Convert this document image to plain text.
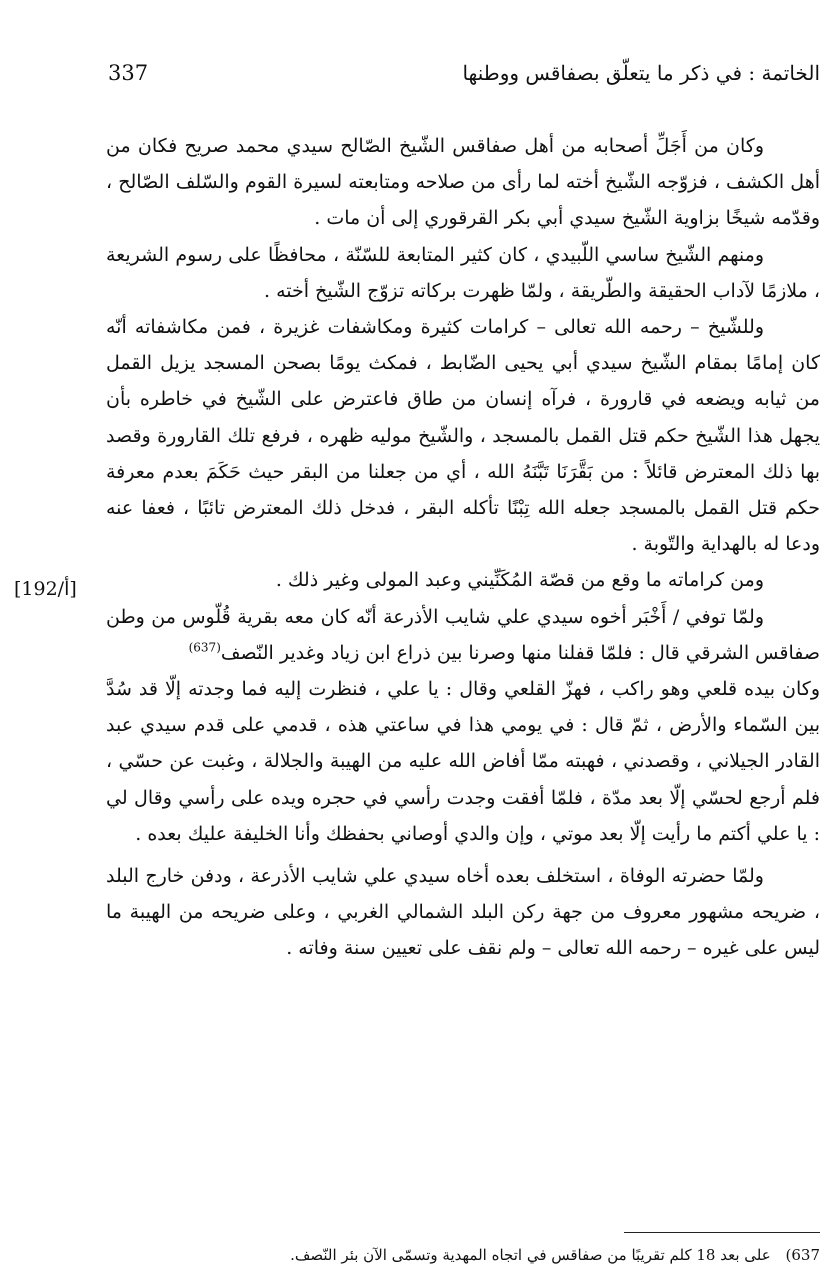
الخاتمة : في ذكر ما يتعلّق بصفاقس ووطنها
337
[192/أ]

وكان من أَجَلِّ أصحابه من أهل صفاقس الشّيخ الصّالح سيدي محمد صريح فكان من أهل الكشف ، فزوّجه الشّيخ أخته لما رأى من صلاحه ومتابعته لسيرة القوم والسّلف الصّالح ، وقدّمه شيخًا بزاوية الشّيخ سيدي أبي بكر القرقوري إلى أن مات .

ومنهم الشّيخ ساسي اللّبيدي ، كان كثير المتابعة للسّنّة ، محافظًا على رسوم الشريعة ، ملازمًا لآداب الحقيقة والطّريقة ، ولمّا ظهرت بركاته تزوّج الشّيخ أخته .

وللشّيخ – رحمه الله تعالى – كرامات كثيرة ومكاشفات غزيرة ، فمن مكاشفاته أنّه كان إمامًا بمقام الشّيخ سيدي أبي يحيى الضّابط ، فمكث يومًا بصحن المسجد يزيل القمل من ثيابه ويضعه في قارورة ، فرآه إنسان من طاق فاعترض على الشّيخ في خاطره بأن يجهل هذا الشّيخ حكم قتل القمل بالمسجد ، والشّيخ موليه ظهره ، فرفع تلك القارورة وقصد بها ذلك المعترض قائلاً : من بَقَّرَنَا تَبَّنَهُ الله ، أي من جعلنا من البقر حيث حَكَمَ بعدم معرفة حكم قتل القمل بالمسجد جعله الله تِبْنًا تأكله البقر ، فدخل ذلك المعترض تائبًا ، فعفا عنه ودعا له بالهداية والتّوبة .

ومن كراماته ما وقع من قصّة المُكَنِّيني وعبد المولى وغير ذلك .

ولمّا توفي / أَخْبَر أخوه سيدي علي شايب الأذرعة أنّه كان معه بقرية قُلّوس من وطن صفاقس الشرقي قال : فلمّا قفلنا منها وصرنا بين ذراع ابن زياد وغدير النّصف$^{(637)}$

وكان بيده قلعي وهو راكب ، فهزّ القلعي وقال : يا علي ، فنظرت إليه فما وجدته إلّا قد سُدَّ بين السّماء والأرض ، ثمّ قال : في يومي هذا في ساعتي هذه ، قدمي على قدم سيدي عبد القادر الجيلاني ، وقصدني ، فهبته ممّا أفاض الله عليه من الهيبة والجلالة ، وغبت عن حسّي ، فلم أرجع لحسّي إلّا بعد مدّة ، فلمّا أفقت وجدت رأسي في حجره ويده على رأسي وقال لي : يا علي أكتم ما رأيت إلّا بعد موتي ، وإن والدي أوصاني بحفظك وأنا الخليفة عليك بعده .

ولمّا حضرته الوفاة ، استخلف بعده أخاه سيدي علي شايب الأذرعة ، ودفن خارج البلد ، ضريحه مشهور معروف من جهة ركن البلد الشمالي الغربي ، وعلى ضريحه من الهيبة ما ليس على غيره – رحمه الله تعالى – ولم نقف على تعيين سنة وفاته .

(637 على بعد 18 كلم تقريبًا من صفاقس في اتجاه المهدية وتسمّى الآن بئر النّصف.
